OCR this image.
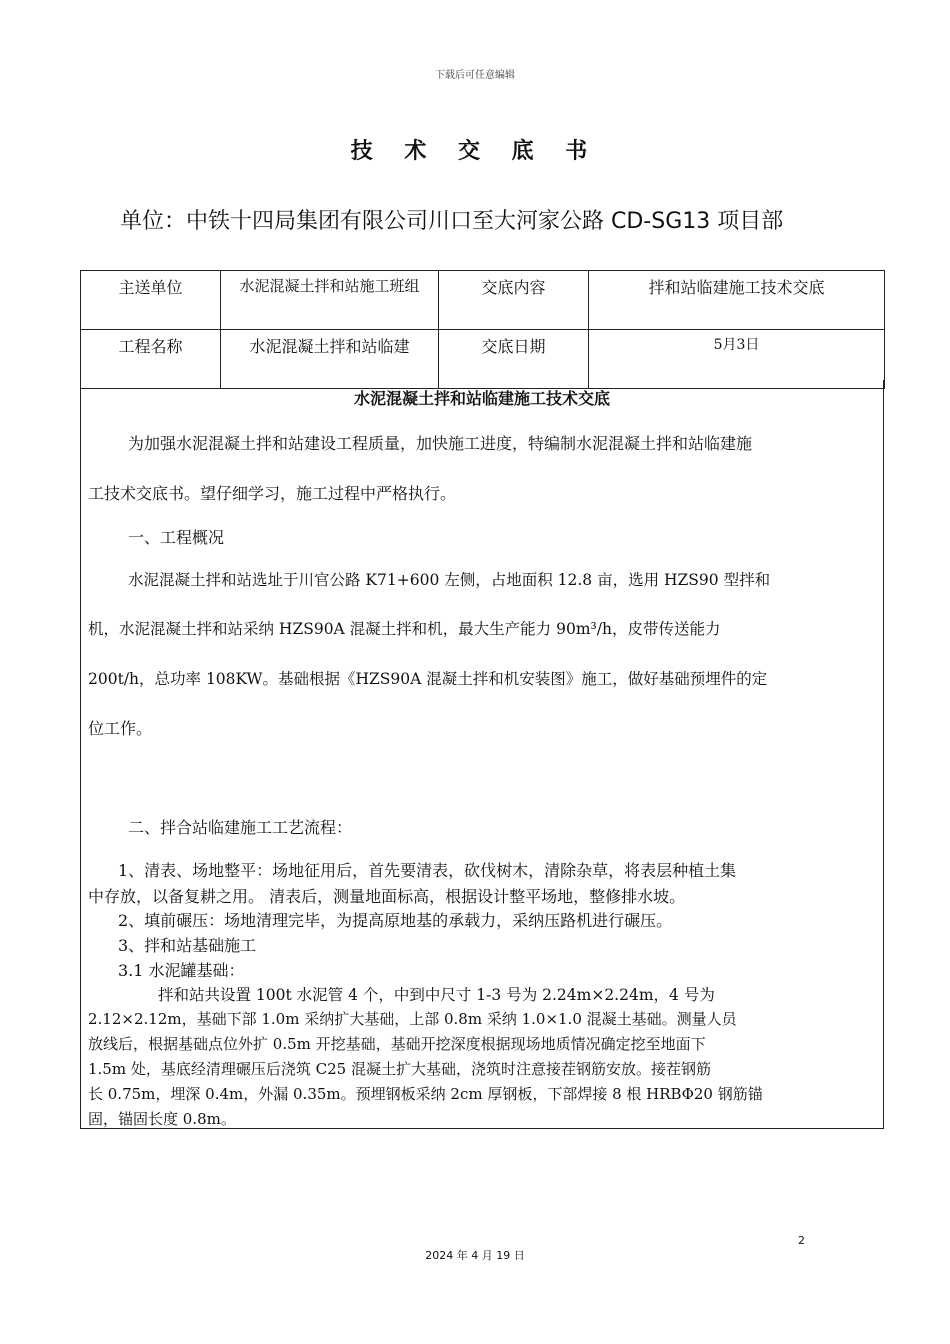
下载后可任意编辑
技 术 交 底 书
单位：中铁十四局集团有限公司川口至大河家公路 CD-SG13 项目部
主送单位	水泥混凝土拌和站施工班组	交底内容	拌和站临建施工技术交底
工程名称	水泥混凝土拌和站临建	交底日期	5月3日
水泥混凝土拌和站临建施工技术交底
为加强水泥混凝土拌和站建设工程质量，加快施工进度，特编制水泥混凝土拌和站临建施
工技术交底书。望仔细学习，施工过程中严格执行。
一、工程概况
水泥混凝土拌和站选址于川官公路 K71+600 左侧，占地面积 12.8 亩，选用 HZS90 型拌和
机，水泥混凝土拌和站采纳 HZS90A 混凝土拌和机，最大生产能力 90m³/h，皮带传送能力
200t/h，总功率 108KW。基础根据《HZS90A 混凝土拌和机安装图》施工，做好基础预埋件的定
位工作。
二、拌合站临建施工工艺流程：
1、清表、场地整平：场地征用后，首先要清表，砍伐树木，清除杂草，将表层种植土集
中存放，以备复耕之用。 清表后，测量地面标高，根据设计整平场地，整修排水坡。
2、填前碾压：场地清理完毕，为提高原地基的承载力，采纳压路机进行碾压。
3、拌和站基础施工
3.1 水泥罐基础：
拌和站共设置 100t 水泥管 4 个，中到中尺寸 1-3 号为 2.24m×2.24m，4 号为
2.12×2.12m，基础下部 1.0m 采纳扩大基础，上部 0.8m 采纳 1.0×1.0 混凝土基础。测量人员
放线后，根据基础点位外扩 0.5m 开挖基础，基础开挖深度根据现场地质情况确定挖至地面下
1.5m 处，基底经清理碾压后浇筑 C25 混凝土扩大基础，浇筑时注意接茬钢筋安放。接茬钢筋
长 0.75m，埋深 0.4m，外漏 0.35m。预埋钢板采纳 2cm 厚钢板，下部焊接 8 根 HRBΦ20 钢筋锚
固，锚固长度 0.8m。
2
2024 年 4 月 19 日
